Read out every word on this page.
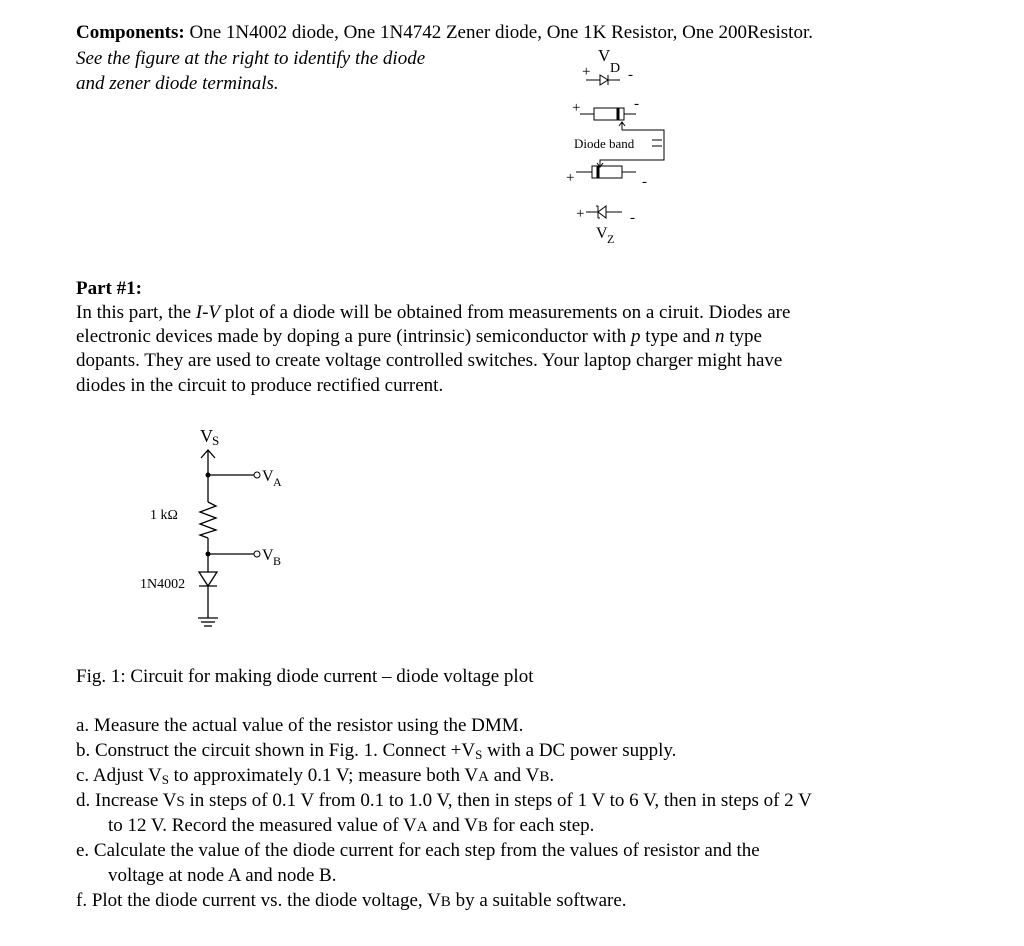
Components: One 1N4002 diode, One 1N4742 Zener diode, One 1K Resistor, One 200Resistor.
See the figure at the right to identify the diode
and zener diode terminals.
V
D
+	-
+	-
Diode band
+	-
+	-
V Z
Part #1:
In this part, the I-V plot of a diode will be obtained from measurements on a ciruit. Diodes are
electronic devices made by doping a pure (intrinsic) semiconductor with p type and n type
dopants. They are used to create voltage controlled switches. Your laptop charger might have
diodes in the circuit to produce rectified current.
V S
V A
V B
1 kΩ
1N4002
Fig. 1: Circuit for making diode current – diode voltage plot
a. Measure the actual value of the resistor using the DMM.
b. Construct the circuit shown in Fig. 1. Connect $+V_S$ with a DC power supply.
c. Adjust $V_S$ to approximately 0.1 V; measure both VA and VB.
d. Increase VS in steps of 0.1 V from 0.1 to 1.0 V, then in steps of 1 V to 6 V, then in steps of 2 V
to 12 V. Record the measured value of VA and VB for each step.
e. Calculate the value of the diode current for each step from the values of resistor and the
voltage at node A and node B.
f. Plot the diode current vs. the diode voltage, VB by a suitable software.
